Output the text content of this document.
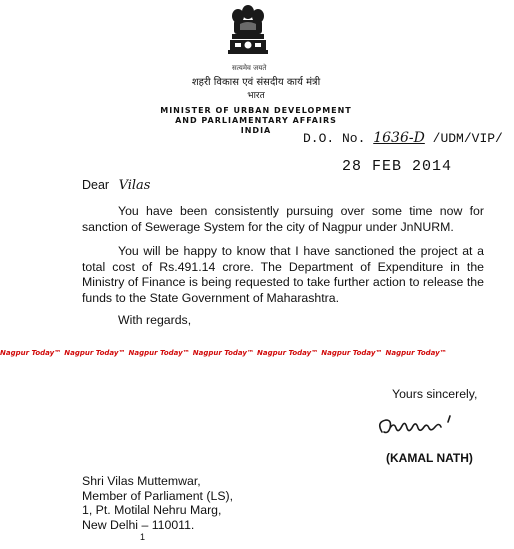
सत्यमेव जयते
शहरी विकास एवं संसदीय कार्य मंत्री
भारत
MINISTER OF URBAN DEVELOPMENT
AND PARLIAMENTARY AFFAIRS
INDIA
D.O. No. 1636-D /UDM/VIP/
28 FEB 2014
Dear Vilas
You have been consistently pursuing over some time now for sanction of Sewerage System for the city of Nagpur under JnNURM.
You will be happy to know that I have sanctioned the project at a total cost of Rs.491.14 crore. The Department of Expenditure in the Ministry of Finance is being requested to take further action to release the funds to the State Government of Maharashtra.
With regards,
Nagpur Today™ Nagpur Today™ Nagpur Today™ Nagpur Today™ Nagpur Today™ Nagpur Today™ Nagpur Today™
Yours sincerely,
(KAMAL NATH)
Shri Vilas Muttemwar,
Member of Parliament (LS),
1, Pt. Motilal Nehru Marg,
New Delhi – 110011.
1
